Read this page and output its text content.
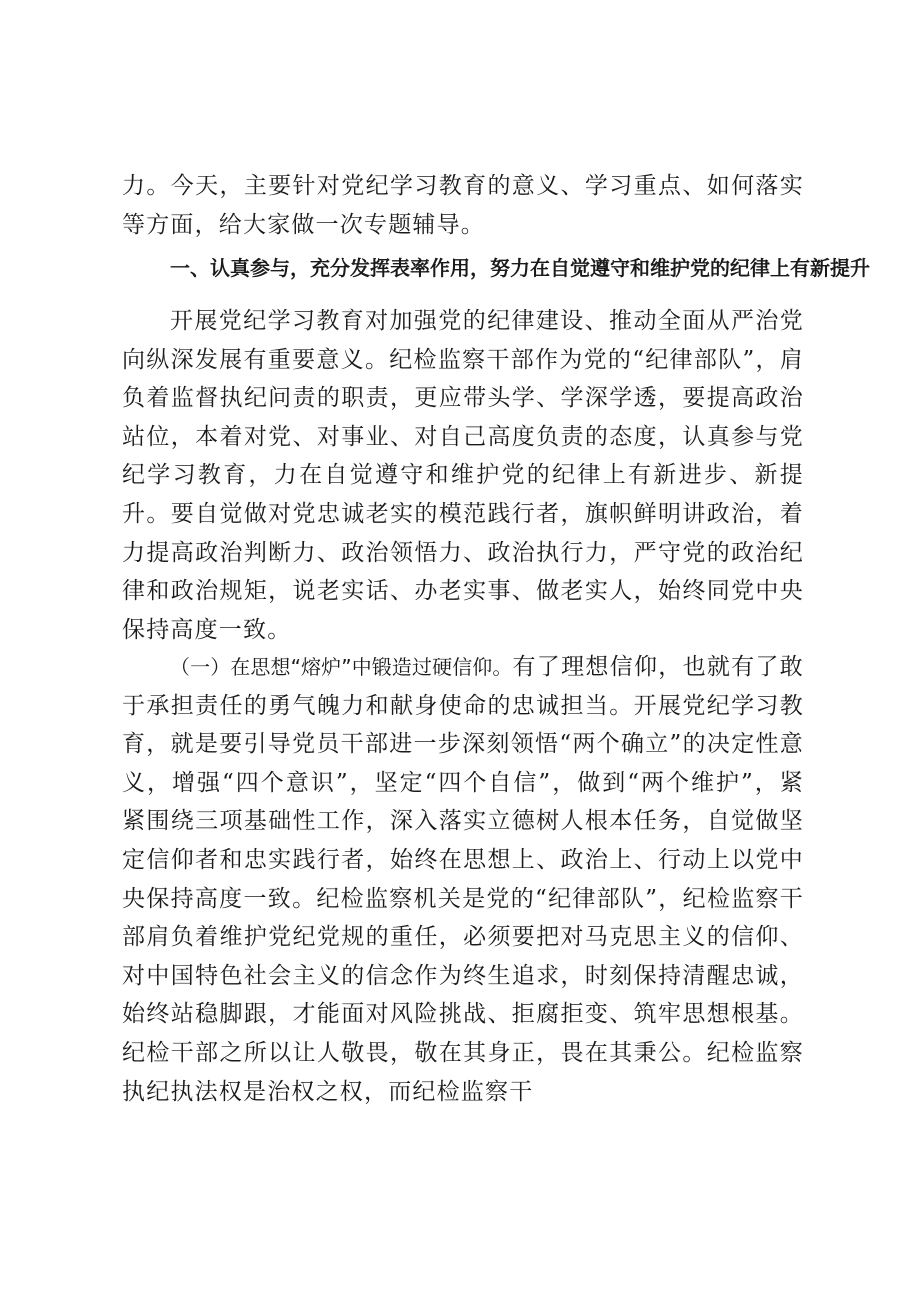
力。今天，主要针对党纪学习教育的意义、学习重点、如何落实等方面，给大家做一次专题辅导。

一、认真参与，充分发挥表率作用，努力在自觉遵守和维护党的纪律上有新提升

开展党纪学习教育对加强党的纪律建设、推动全面从严治党向纵深发展有重要意义。纪检监察干部作为党的“纪律部队”，肩负着监督执纪问责的职责，更应带头学、学深学透，要提高政治站位，本着对党、对事业、对自己高度负责的态度，认真参与党纪学习教育，力在自觉遵守和维护党的纪律上有新进步、新提升。要自觉做对党忠诚老实的模范践行者，旗帜鲜明讲政治，着力提高政治判断力、政治领悟力、政治执行力，严守党的政治纪律和政治规矩，说老实话、办老实事、做老实人，始终同党中央保持高度一致。

（一）在思想“熔炉”中锻造过硬信仰。有了理想信仰，也就有了敢于承担责任的勇气魄力和献身使命的忠诚担当。开展党纪学习教育，就是要引导党员干部进一步深刻领悟“两个确立”的决定性意义，增强“四个意识”，坚定“四个自信”，做到“两个维护”，紧紧围绕三项基础性工作，深入落实立德树人根本任务，自觉做坚定信仰者和忠实践行者，始终在思想上、政治上、行动上以党中央保持高度一致。纪检监察机关是党的“纪律部队”，纪检监察干部肩负着维护党纪党规的重任，必须要把对马克思主义的信仰、对中国特色社会主义的信念作为终生追求，时刻保持清醒忠诚，始终站稳脚跟，才能面对风险挑战、拒腐拒变、筑牢思想根基。纪检干部之所以让人敬畏，敬在其身正，畏在其秉公。纪检监察执纪执法权是治权之权，而纪检监察干
